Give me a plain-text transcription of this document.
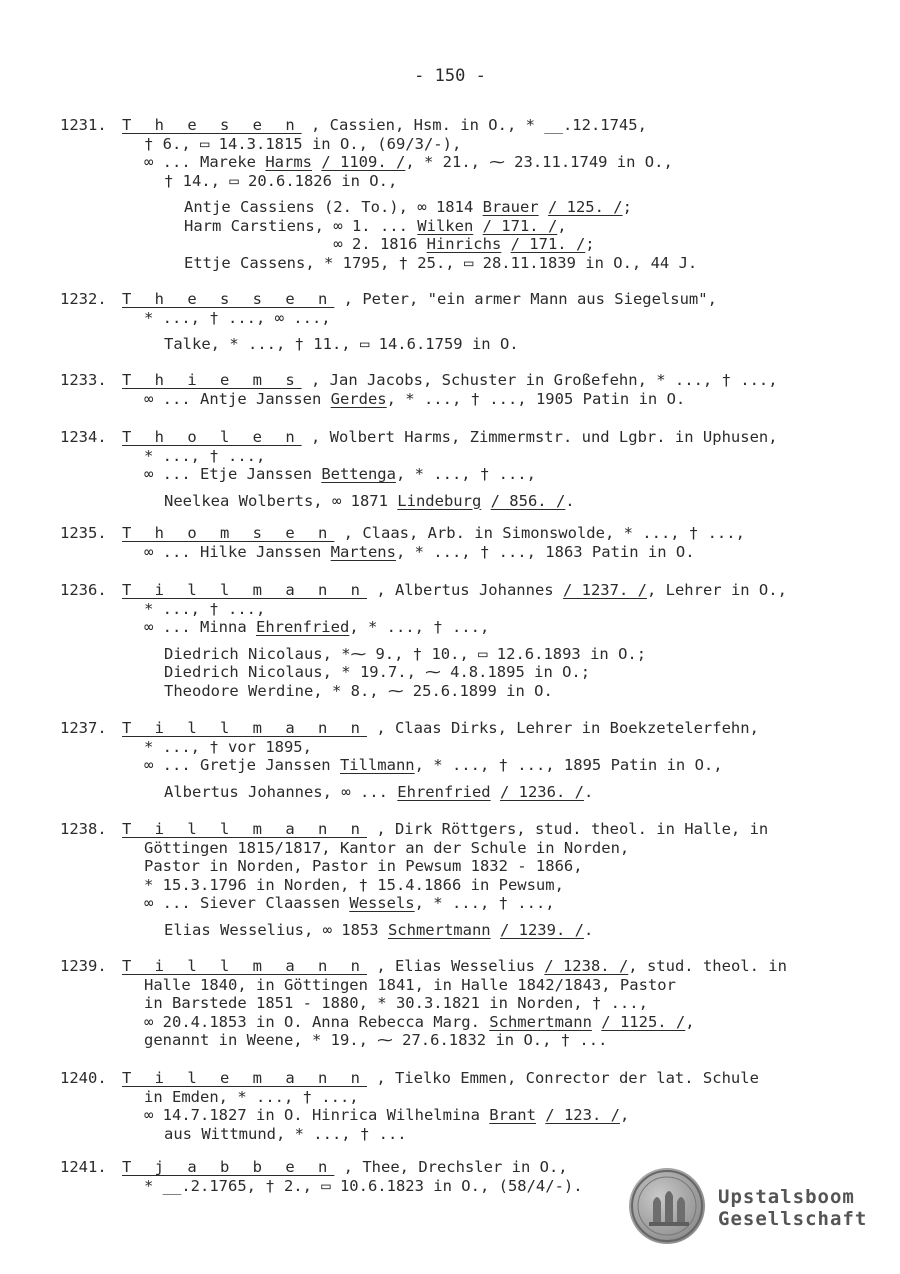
- 150 -
1231. T h e s e n , Cassien, Hsm. in O., * __.12.1745,
† 6., ▭ 14.3.1815 in O., (69/3/-),
∞ ... Mareke Harms / 1109. /, * 21., ⁓ 23.11.1749 in O.,
† 14., ▭ 20.6.1826 in O.,
Antje Cassiens (2. To.), ∞ 1814 Brauer / 125. /;
Harm Carstiens, ∞ 1. ... Wilken / 171. /,
∞ 2. 1816 Hinrichs / 171. /;
Ettje Cassens, * 1795, † 25., ▭ 28.11.1839 in O., 44 J.
1232. T h e s s e n , Peter, "ein armer Mann aus Siegelsum",
* ..., † ..., ∞ ...,
Talke, * ..., † 11., ▭ 14.6.1759 in O.
1233. T h i e m s , Jan Jacobs, Schuster in Großefehn, * ..., † ...,
∞ ... Antje Janssen Gerdes, * ..., † ..., 1905 Patin in O.
1234. T h o l e n , Wolbert Harms, Zimmermstr. und Lgbr. in Uphusen,
* ..., † ...,
∞ ... Etje Janssen Bettenga, * ..., † ...,
Neelkea Wolberts, ∞ 1871 Lindeburg / 856. /.
1235. T h o m s e n , Claas, Arb. in Simonswolde, * ..., † ...,
∞ ... Hilke Janssen Martens, * ..., † ..., 1863 Patin in O.
1236. T i l l m a n n , Albertus Johannes / 1237. /, Lehrer in O.,
* ..., † ...,
∞ ... Minna Ehrenfried, * ..., † ...,
Diedrich Nicolaus, *⁓ 9., † 10., ▭ 12.6.1893 in O.;
Diedrich Nicolaus, * 19.7., ⁓ 4.8.1895 in O.;
Theodore Werdine, * 8., ⁓ 25.6.1899 in O.
1237. T i l l m a n n , Claas Dirks, Lehrer in Boekzetelerfehn,
* ..., † vor 1895,
∞ ... Gretje Janssen Tillmann, * ..., † ..., 1895 Patin in O.,
Albertus Johannes, ∞ ... Ehrenfried / 1236. /.
1238. T i l l m a n n , Dirk Röttgers, stud. theol. in Halle, in
Göttingen 1815/1817, Kantor an der Schule in Norden,
Pastor in Norden, Pastor in Pewsum 1832 - 1866,
* 15.3.1796 in Norden, † 15.4.1866 in Pewsum,
∞ ... Siever Claassen Wessels, * ..., † ...,
Elias Wesselius, ∞ 1853 Schmertmann / 1239. /.
1239. T i l l m a n n , Elias Wesselius / 1238. /, stud. theol. in
Halle 1840, in Göttingen 1841, in Halle 1842/1843, Pastor
in Barstede 1851 - 1880, * 30.3.1821 in Norden, † ...,
∞ 20.4.1853 in O. Anna Rebecca Marg. Schmertmann / 1125. /,
genannt in Weene, * 19., ⁓ 27.6.1832 in O., † ...
1240. T i l e m a n n , Tielko Emmen, Conrector der lat. Schule
in Emden, * ..., † ...,
∞ 14.7.1827 in O. Hinrica Wilhelmina Brant / 123. /,
aus Wittmund, * ..., † ...
1241. T j a b b e n , Thee, Drechsler in O.,
* __.2.1765, † 2., ▭ 10.6.1823 in O., (58/4/-).
Upstalsboom
Gesellschaft
